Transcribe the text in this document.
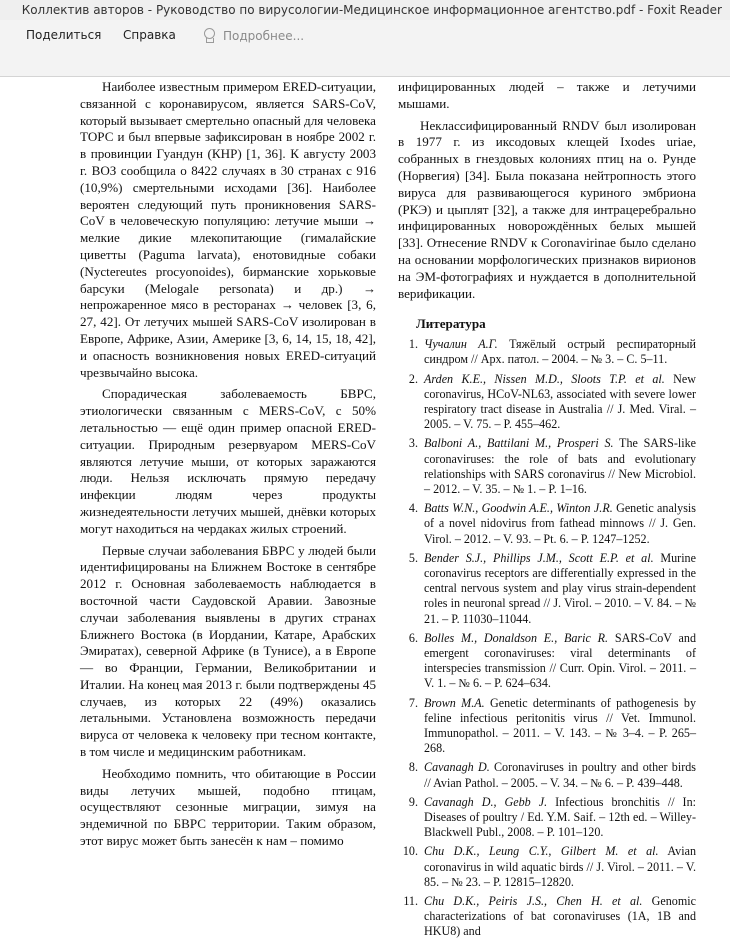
Коллектив авторов - Руководство по вирусологии-Медицинское информационное агентство.pdf - Foxit Reader
Поделиться Справка	Подробнее...

Наиболее известным примером ERED-ситуации, связанной с коронавирусом, является SARS-CoV, который вызывает смертельно опасный для человека ТОРС и был впервые зафиксирован в ноябре 2002 г. в провинции Гуандун (КНР) [1, 36]. К августу 2003 г. ВОЗ сообщила о 8422 случаях в 30 странах с 916 (10,9%) смертельными исходами [36]. Наиболее вероятен следующий путь проникновения SARS-CoV в человеческую популяцию: летучие мыши → мелкие дикие млекопитающие (гималайские циветты (Paguma larvata), енотовидные собаки (Nyctereutes procyonoides), бирманские хорьковые барсуки (Melogale personata) и др.) → непрожаренное мясо в ресторанах → человек [3, 6, 27, 42]. От летучих мышей SARS-CoV изолирован в Европе, Африке, Азии, Америке [3, 6, 14, 15, 18, 42], и опасность возникновения новых ERED-ситуаций чрезвычайно высока.

Спорадическая заболеваемость БВРС, этиологически связанным с MERS-CoV, с 50% летальностью — ещё один пример опасной ERED-ситуации. Природным резервуаром MERS-CoV являются летучие мыши, от которых заражаются люди. Нельзя исключать прямую передачу инфекции людям через продукты жизнедеятельности летучих мышей, днёвки которых могут находиться на чердаках жилых строений.

Первые случаи заболевания БВРС у людей были идентифицированы на Ближнем Востоке в сентябре 2012 г. Основная заболеваемость наблюдается в восточной части Саудовской Аравии. Завозные случаи заболевания выявлены в других странах Ближнего Востока (в Иордании, Катаре, Арабских Эмиратах), северной Африке (в Тунисе), а в Европе — во Франции, Германии, Великобритании и Италии. На конец мая 2013 г. были подтверждены 45 случаев, из которых 22 (49%) оказались летальными. Установлена возможность передачи вируса от человека к человеку при тесном контакте, в том числе и медицинским работникам.

Необходимо помнить, что обитающие в России виды летучих мышей, подобно птицам, осуществляют сезонные миграции, зимуя на эндемичной по БВРС территории. Таким образом, этот вирус может быть занесён к нам – помимо

инфицированных людей – также и летучими мышами.

Неклассифицированный RNDV был изолирован в 1977 г. из иксодовых клещей Ixodes uriae, собранных в гнездовых колониях птиц на о. Рунде (Норвегия) [34]. Была показана нейтропность этого вируса для развивающегося куриного эмбриона (РКЭ) и цыплят [32], а также для интрацеребрально инфицированных новорождённых белых мышей [33]. Отнесение RNDV к Coronavirinae было сделано на основании морфологических признаков вирионов на ЭМ-фотографиях и нуждается в дополнительной верификации.

Литература
1. Чучалин А.Г. Тяжёлый острый респираторный синдром // Арх. патол. – 2004. – № 3. – С. 5–11.
2. Arden K.E., Nissen M.D., Sloots T.P. et al. New coronavirus, HCoV-NL63, associated with severe lower respiratory tract disease in Australia // J. Med. Viral. – 2005. – V. 75. – P. 455–462.
3. Balboni A., Battilani M., Prosperi S. The SARS-like coronaviruses: the role of bats and evolutionary relationships with SARS coronavirus // New Microbiol. – 2012. – V. 35. – № 1. – P. 1–16.
4. Batts W.N., Goodwin A.E., Winton J.R. Genetic analysis of a novel nidovirus from fathead minnows // J. Gen. Virol. – 2012. – V. 93. – Pt. 6. – P. 1247–1252.
5. Bender S.J., Phillips J.M., Scott E.P. et al. Murine coronavirus receptors are differentially expressed in the central nervous system and play virus strain-dependent roles in neuronal spread // J. Virol. – 2010. – V. 84. – № 21. – P. 11030–11044.
6. Bolles M., Donaldson E., Baric R. SARS-CoV and emergent coronaviruses: viral determinants of interspecies transmission // Curr. Opin. Virol. – 2011. – V. 1. – № 6. – P. 624–634.
7. Brown M.A. Genetic determinants of pathogenesis by feline infectious peritonitis virus // Vet. Immunol. Immunopathol. – 2011. – V. 143. – № 3–4. – P. 265–268.
8. Cavanagh D. Coronaviruses in poultry and other birds // Avian Pathol. – 2005. – V. 34. – № 6. – P. 439–448.
9. Cavanagh D., Gebb J. Infectious bronchitis // In: Diseases of poultry / Ed. Y.M. Saif. – 12th ed. – Willey-Blackwell Publ., 2008. – P. 101–120.
10. Chu D.K., Leung C.Y., Gilbert M. et al. Avian coronavirus in wild aquatic birds // J. Virol. – 2011. – V. 85. – № 23. – P. 12815–12820.
11. Chu D.K., Peiris J.S., Chen H. et al. Genomic characterizations of bat coronaviruses (1A, 1B and HKU8) and
